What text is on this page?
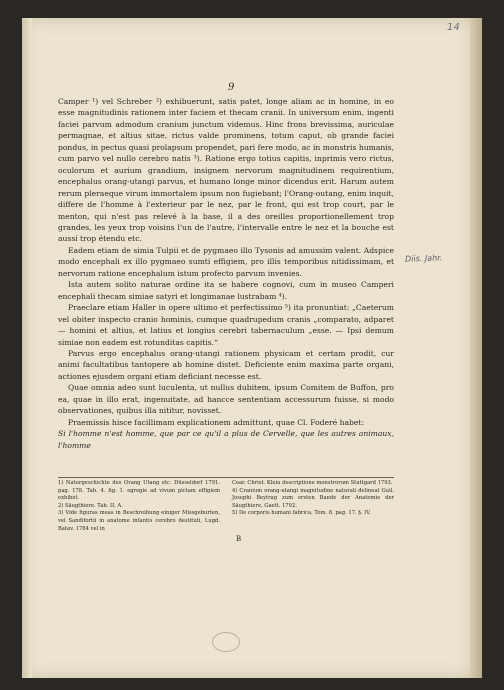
14
9

Camper ¹) vel Schreber ²) exhibuerunt, satis patet, longe aliam ac in homine, in eo esse magnitudinis rationem inter faciem et thecam cranii. In universum enim, ingenti faciei parvum admodum cranium junctum videmus. Hinc frons brevissima, auriculae permagnae, et altius sitae, rictus valde prominens, totum caput, ob grande faciei pondus, in pectus quasi prolapsum propendet, pari fere modo, ac in monstris humanis, cum parvo vel nullo cerebro natis ³). Ratione ergo totius capitis, inprimis vero rictus, oculorum et aurium grandium, insignem nervorum magnitudinem requirentium, encephalus orang-utangi parvus, et humano longe minor dicendus erit. Harum autem rerum pleraeque virum immortalem ipsum non fugiebant; l'Orang-outang, enim inquit, differe de l'homme à l'exterieur par le nez, par le front, qui est trop court, par le menton, qui n'est pas relevé à la base, il a des oreilles proportionellement trop grandes, les yeux trop voisins l'un de l'autre, l'intervalle entre le nez et la bouche est aussi trop étendu etc.

Eadem etiam de simia Tulpii et de pygmaeo illo Tysonis ad amussim valent. Adspice modo encephali ex illo pygmaeo sumti effigiem, pro illis temporibus nitidissimam, et nervorum ratione encephalum istum profecto parvum invenies.

Ista autem solito naturae ordine ita se habere cognovi, cum in museo Camperi encephali thecam simiae satyri et longimanae lustrabam ⁴).

Praeclare etiam Haller in opere ultimo et perfectissimo ⁵) ita pronuntiat: „Caeterum vel obiter inspecto cranio hominis, cumque quadrupedum cranis „comparato, adparet — homini et altius, et latius et longius cerebri tabernaculum „esse. — Ipsi demum simiae non eadem est rotunditas capitis.“

Parvus ergo encephalus orang-utangi rationem physicam et certam prodit, cur animi facultatibus tantopere ab homine distet. Deficiente enim maxima parte organi, actiones ejusdem organi etiam deficiant necesse est.

Quae omnia adeo sunt luculenta, ut nullus dubitem, ipsum Comitem de Buffon, pro ea, quae in illo erat, ingenuitate, ad hancce sententiam accessurum fuisse, si modo observationes, quibus illa nititur, novisset.

Praemissis hisce facillimam explicationem admittunt, quae Cl. Foderé habet:

Si l'homme n'est homme, que par ce qu'il a plus de Cervelle, que les autres animaux, l'homme

Diis. Jahr.
1) Naturgeschichte des Orang Utang etc. Düsseldorf 1791. pag. 178. Tab. 4. fig. 1. egregie ad vivum pictam effigiem exhibet.
2) Säugthiere. Tab. II. A.
3) Vide figuras meas in Beschreibung einiger Missgeburten, vel Sandifortii in anatome infantis cerebro destituti, Lugd. Batav. 1784 vel in
Coar. Christ. Kleiu descriptione monstrorum Stuttgard 1793.
4) Cranium orang-utangi magnitudine naturali delineat Guil. Josephi Beytrag zum ersten Bande der Anatomie der Säugthiere, Gaett. 1792.
5) De corporis humani fabrica, Tom. 8. pag. 17. §. IV.
B
